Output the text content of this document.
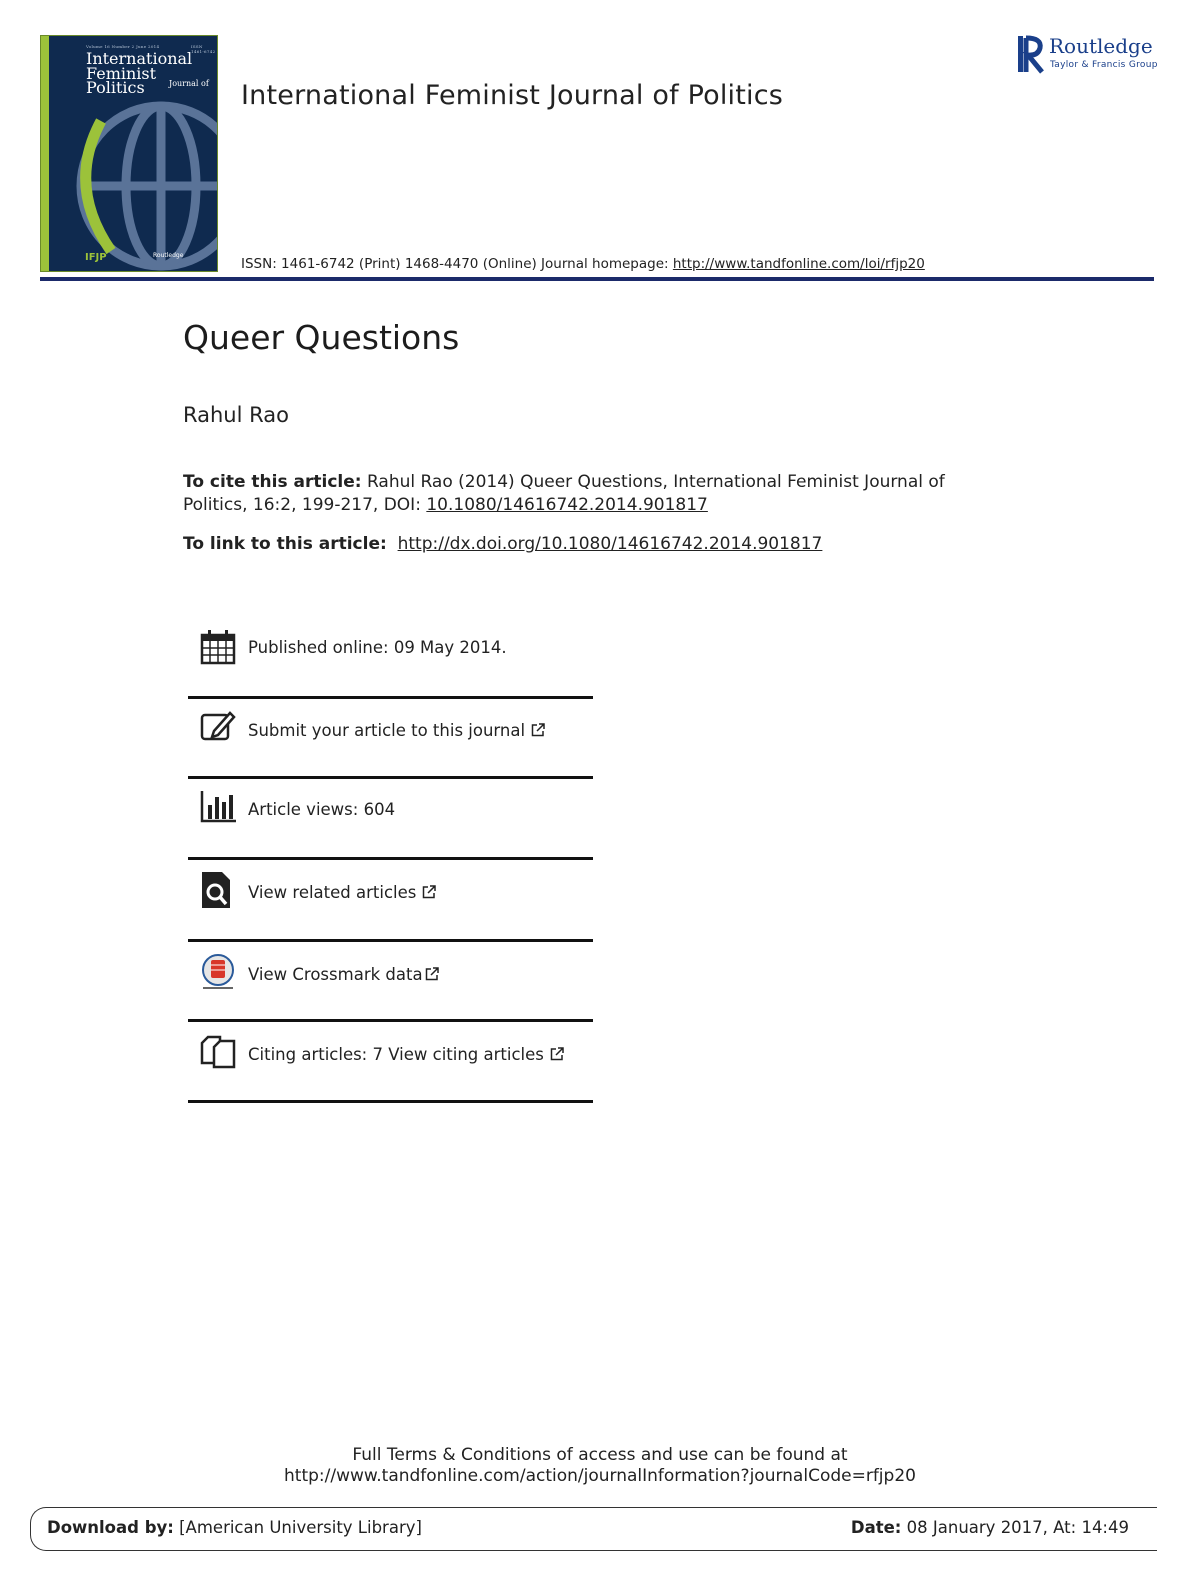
Volume 16 Number 2 June 2014	ISSN 1461-6742
International
Feminist
Politics	Journal of
IFJP	Routledge
International Feminist Journal of Politics
ISSN: 1461-6742 (Print) 1468-4470 (Online) Journal homepage: http://www.tandfonline.com/loi/rfjp20
Routledge
Taylor & Francis Group
Queer Questions
Rahul Rao
To cite this article: Rahul Rao (2014) Queer Questions, International Feminist Journal of Politics, 16:2, 199-217, DOI: 10.1080/14616742.2014.901817
To link to this article: http://dx.doi.org/10.1080/14616742.2014.901817
Published online: 09 May 2014.
Submit your article to this journal
Article views: 604
View related articles
View Crossmark data
Citing articles: 7 View citing articles
Full Terms & Conditions of access and use can be found at
http://www.tandfonline.com/action/journalInformation?journalCode=rfjp20
Download by: [American University Library]	Date: 08 January 2017, At: 14:49
